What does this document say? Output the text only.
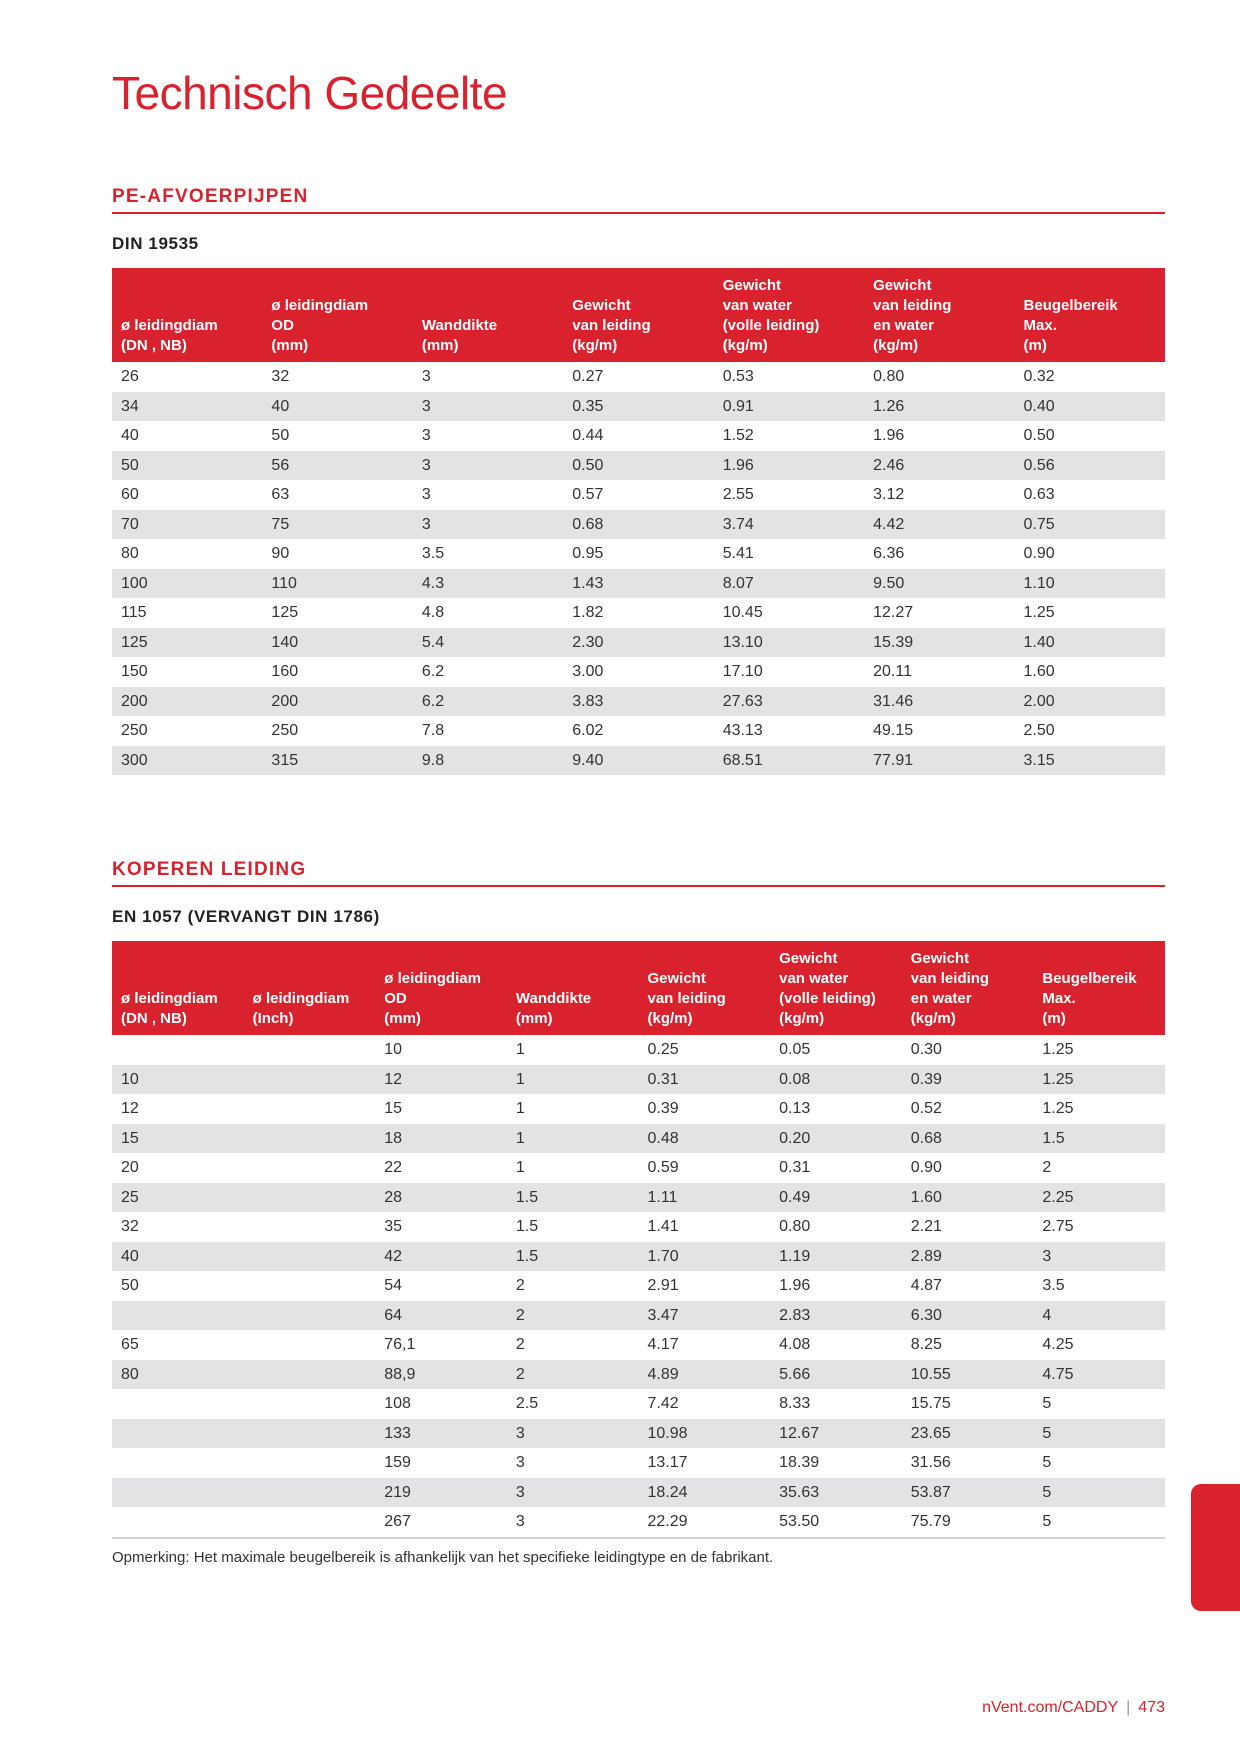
Technisch Gedeelte
PE-AFVOERPIJPEN
DIN 19535
ø leidingdiam
(DN , NB)	ø leidingdiam
OD
(mm)	Wanddikte
(mm)	Gewicht
van leiding
(kg/m)	Gewicht
van water
(volle leiding)
(kg/m)	Gewicht
van leiding
en water
(kg/m)	Beugelbereik
Max.
(m)
26	32	3	0.27	0.53	0.80	0.32
34	40	3	0.35	0.91	1.26	0.40
40	50	3	0.44	1.52	1.96	0.50
50	56	3	0.50	1.96	2.46	0.56
60	63	3	0.57	2.55	3.12	0.63
70	75	3	0.68	3.74	4.42	0.75
80	90	3.5	0.95	5.41	6.36	0.90
100	110	4.3	1.43	8.07	9.50	1.10
115	125	4.8	1.82	10.45	12.27	1.25
125	140	5.4	2.30	13.10	15.39	1.40
150	160	6.2	3.00	17.10	20.11	1.60
200	200	6.2	3.83	27.63	31.46	2.00
250	250	7.8	6.02	43.13	49.15	2.50
300	315	9.8	9.40	68.51	77.91	3.15
KOPEREN LEIDING
EN 1057 (VERVANGT DIN 1786)
ø leidingdiam
(DN , NB)	ø leidingdiam
(Inch)	ø leidingdiam
OD
(mm)	Wanddikte
(mm)	Gewicht
van leiding
(kg/m)	Gewicht
van water
(volle leiding)
(kg/m)	Gewicht
van leiding
en water
(kg/m)	Beugelbereik
Max.
(m)
		10	1	0.25	0.05	0.30	1.25
10		12	1	0.31	0.08	0.39	1.25
12		15	1	0.39	0.13	0.52	1.25
15		18	1	0.48	0.20	0.68	1.5
20		22	1	0.59	0.31	0.90	2
25		28	1.5	1.11	0.49	1.60	2.25
32		35	1.5	1.41	0.80	2.21	2.75
40		42	1.5	1.70	1.19	2.89	3
50		54	2	2.91	1.96	4.87	3.5
		64	2	3.47	2.83	6.30	4
65		76,1	2	4.17	4.08	8.25	4.25
80		88,9	2	4.89	5.66	10.55	4.75
		108	2.5	7.42	8.33	15.75	5
		133	3	10.98	12.67	23.65	5
		159	3	13.17	18.39	31.56	5
		219	3	18.24	35.63	53.87	5
		267	3	22.29	53.50	75.79	5
Opmerking: Het maximale beugelbereik is afhankelijk van het specifieke leidingtype en de fabrikant.
nVent.com/CADDY | 473
